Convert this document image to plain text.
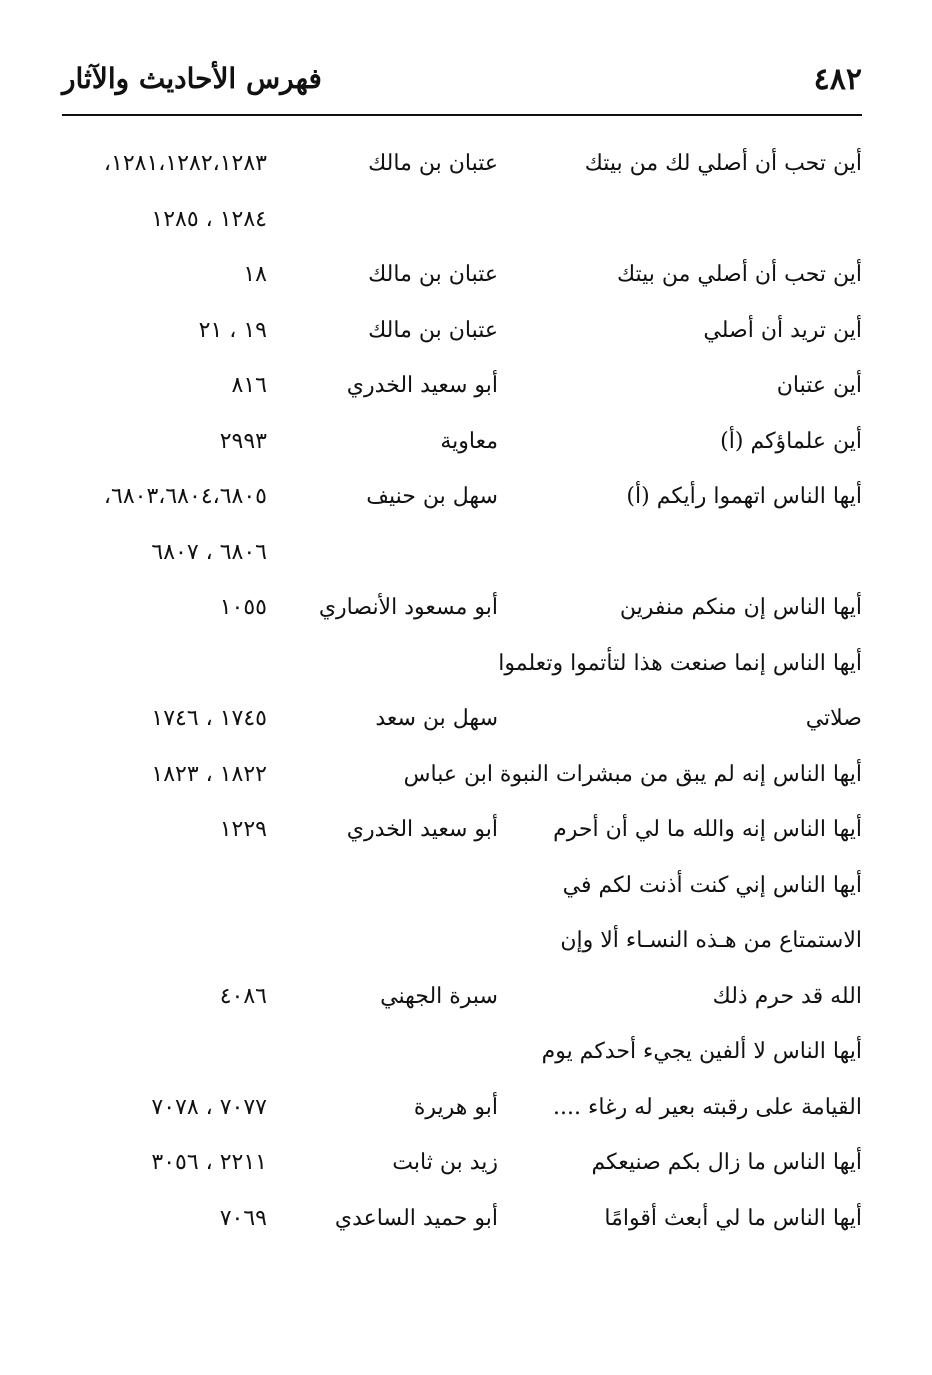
٤٨٢
فهرس الأحاديث والآثار
أين تحب أن أصلي لك من بيتك
عتبان بن مالك
١٢٨١،١٢٨٢،١٢٨٣،
١٢٨٤ ، ١٢٨٥
أين تحب أن أصلي من بيتك
عتبان بن مالك
١٨
أين تريد أن أصلي
عتبان بن مالك
١٩ ، ٢١
أين عتبان
أبو سعيد الخدري
٨١٦
أين علماؤكم (أ)
معاوية
٢٩٩٣
أيها الناس اتهموا رأيكم (أ)
سهل بن حنيف
٦٨٠٣،٦٨٠٤،٦٨٠٥،
٦٨٠٦ ، ٦٨٠٧
أيها الناس إن منكم منفرين
أبو مسعود الأنصاري
١٠٥٥
أيها الناس إنما صنعت هذا لتأتموا وتعلموا
صلاتي
سهل بن سعد
١٧٤٥ ، ١٧٤٦
أيها الناس إنه لم يبق من مبشرات النبوة ابن عباس
١٨٢٢ ، ١٨٢٣
أيها الناس إنه والله ما لي أن أحرم
أبو سعيد الخدري
١٢٢٩
أيها الناس إني كنت أذنت لكم في
الاستمتاع من هـذه النسـاء ألا وإن
الله قد حرم ذلك
سبرة الجهني
٤٠٨٦
أيها الناس لا ألفين يجيء أحدكم يوم
القيامة على رقبته بعير له رغاء ....
أبو هريرة
٧٠٧٧ ، ٧٠٧٨
أيها الناس ما زال بكم صنيعكم
زيد بن ثابت
٢٢١١ ، ٣٠٥٦
أيها الناس ما لي أبعث أقوامًا
أبو حميد الساعدي
٧٠٦٩
